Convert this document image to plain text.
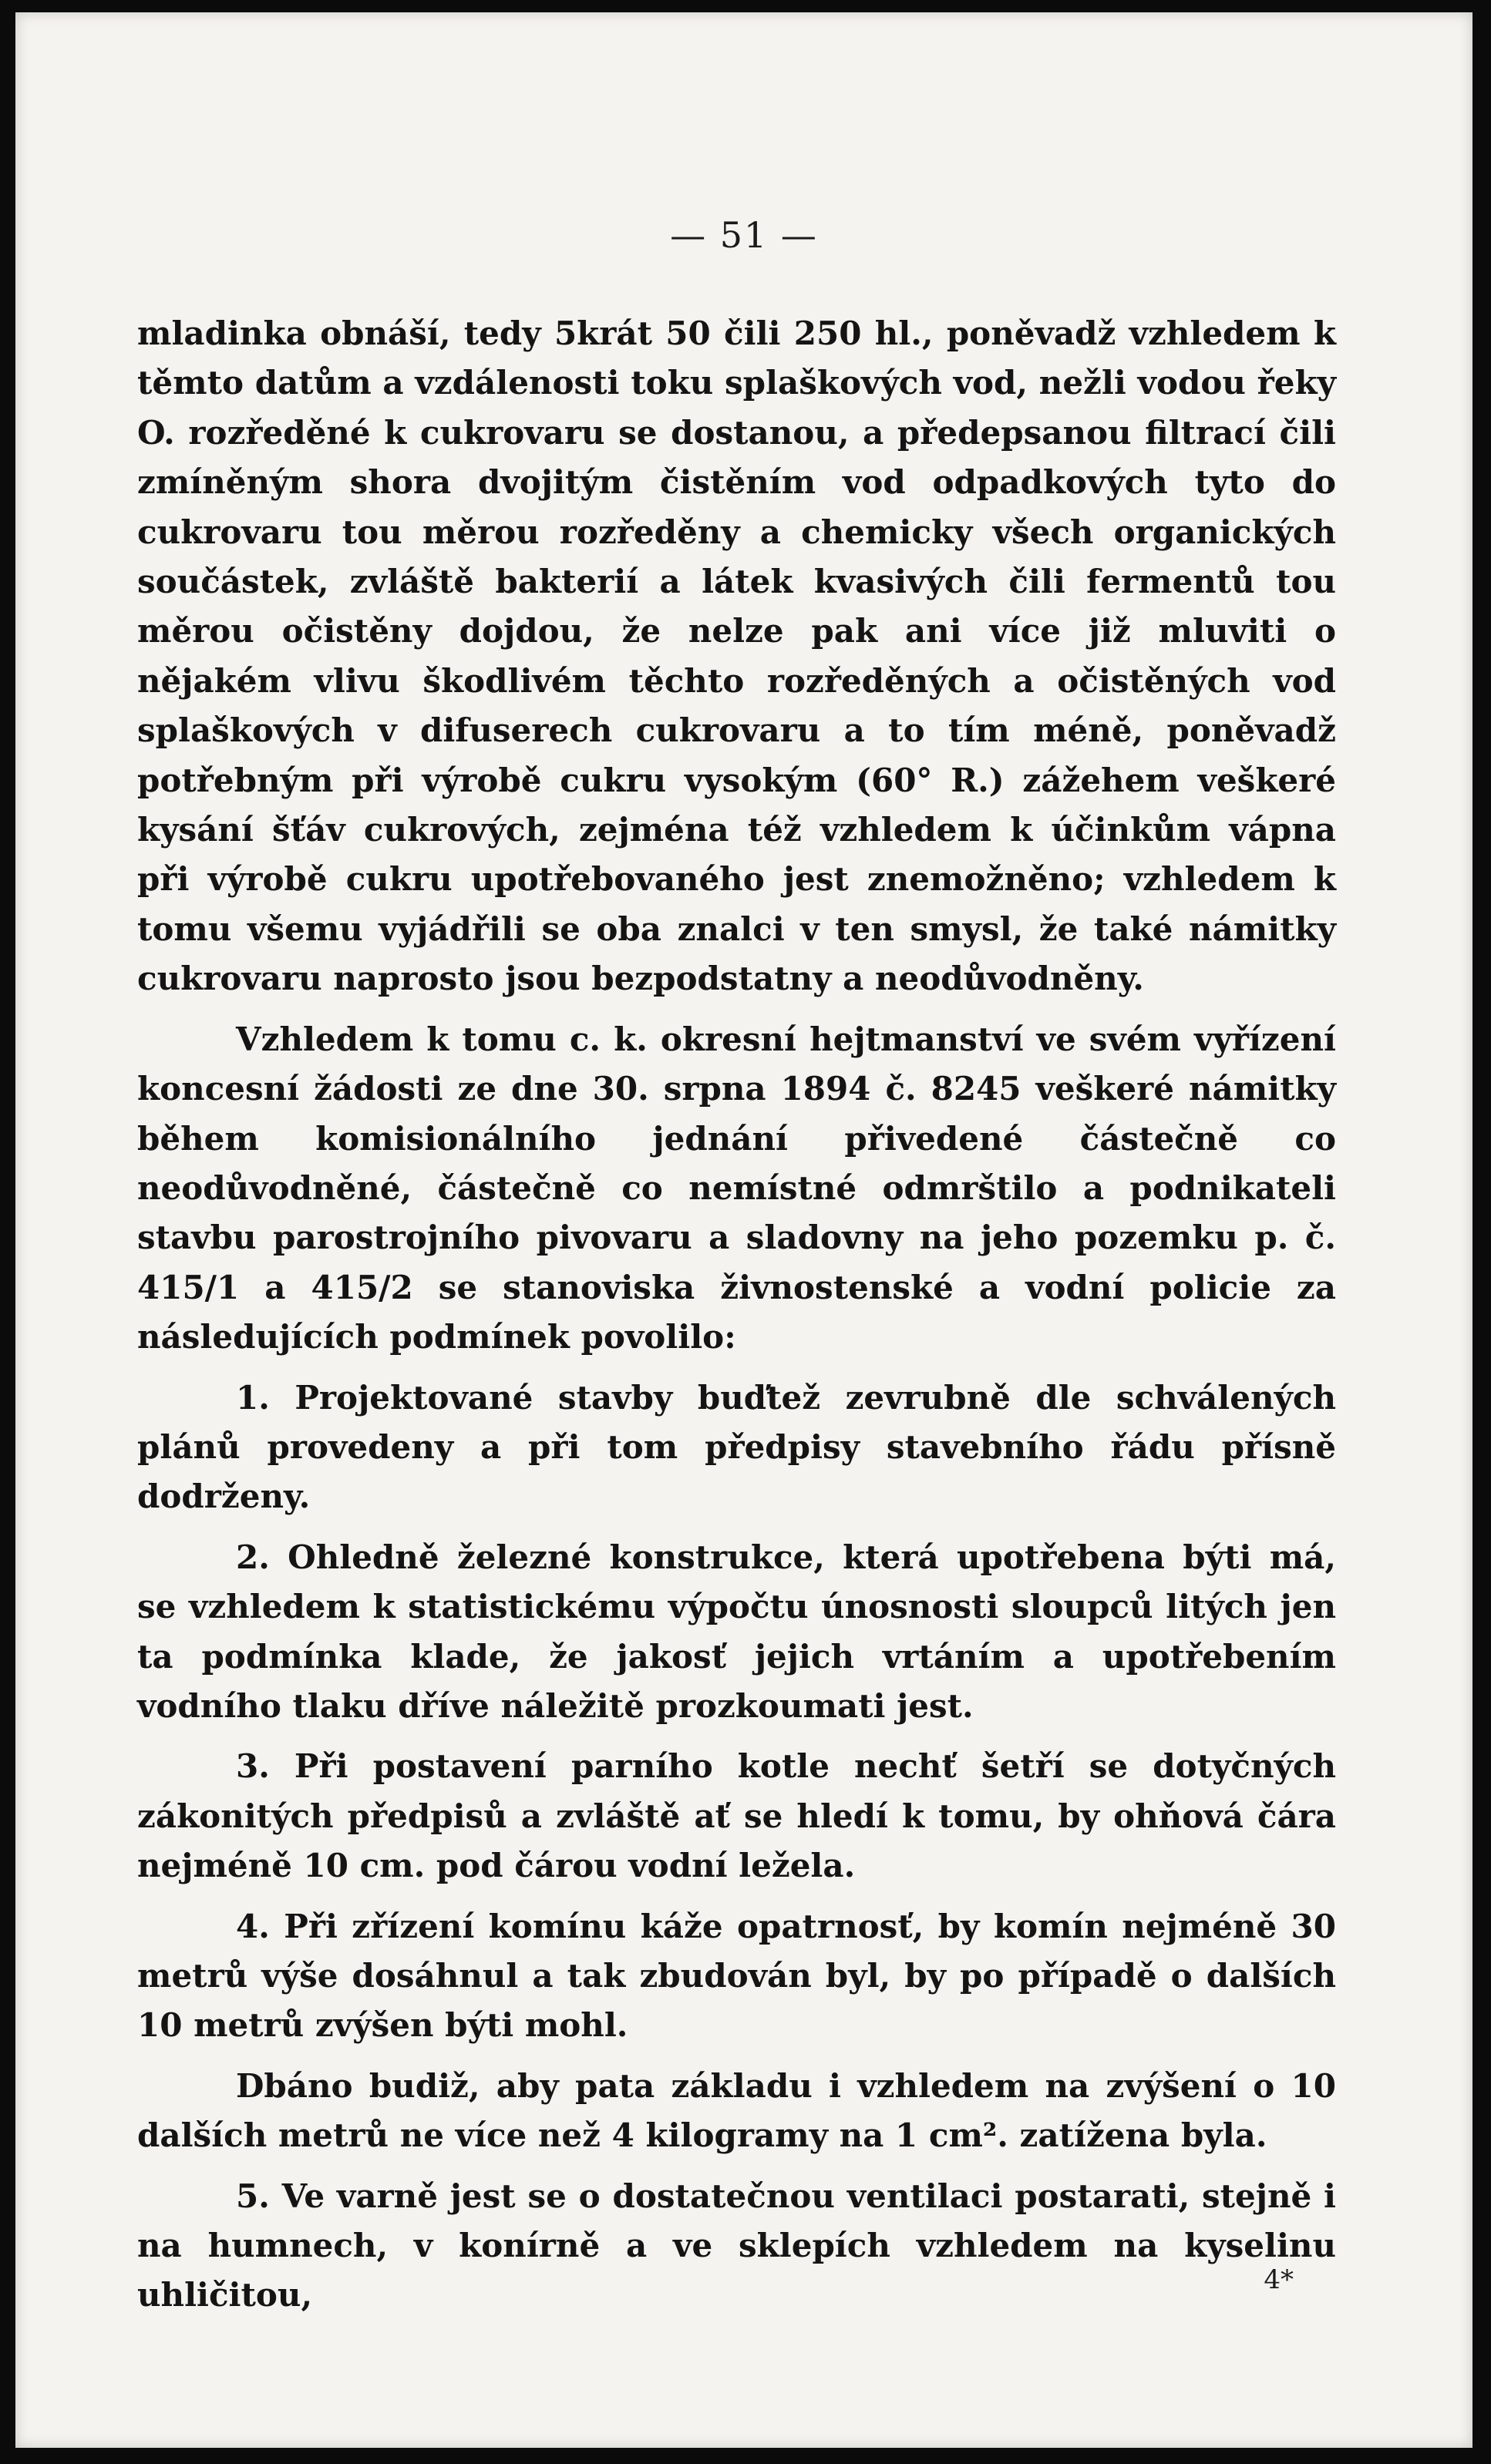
— 51 —

mladinka obnáší, tedy 5krát 50 čili 250 hl., poněvadž vzhledem k těmto datům a vzdálenosti toku splaškových vod, nežli vodou řeky O. rozředěné k cukrovaru se dostanou, a předepsanou filtrací čili zmíněným shora dvojitým čistěním vod odpadkových tyto do cukrovaru tou měrou rozředěny a chemicky všech organických součástek, zvláště bakterií a látek kvasivých čili fermentů tou měrou očistěny dojdou, že nelze pak ani více již mluviti o nějakém vlivu škodlivém těchto rozředěných a očistěných vod splaškových v difuserech cukrovaru a to tím méně, poněvadž potřebným při výrobě cukru vysokým (60° R.) zážehem veškeré kysání šťáv cukrových, zejména též vzhledem k účinkům vápna při výrobě cukru upotřebovaného jest znemožněno; vzhledem k tomu všemu vyjádřili se oba znalci v ten smysl, že také námitky cukrovaru naprosto jsou bezpodstatny a neodůvodněny.

Vzhledem k tomu c. k. okresní hejtmanství ve svém vyřízení koncesní žádosti ze dne 30. srpna 1894 č. 8245 veškeré námitky během komisionálního jednání přivedené částečně co neodůvodněné, částečně co nemístné odmrštilo a podnikateli stavbu parostrojního pivovaru a sladovny na jeho pozemku p. č. 415/1 a 415/2 se stanoviska živnostenské a vodní policie za následujících podmínek povolilo:

1. Projektované stavby buďtež zevrubně dle schválených plánů provedeny a při tom předpisy stavebního řádu přísně dodrženy.

2. Ohledně železné konstrukce, která upotřebena býti má, se vzhledem k statistickému výpočtu únosnosti sloupců litých jen ta podmínka klade, že jakosť jejich vrtáním a upotřebením vodního tlaku dříve náležitě prozkoumati jest.

3. Při postavení parního kotle nechť šetří se dotyčných zákonitých předpisů a zvláště ať se hledí k tomu, by ohňová čára nejméně 10 cm. pod čárou vodní ležela.

4. Při zřízení komínu káže opatrnosť, by komín nejméně 30 metrů výše dosáhnul a tak zbudován byl, by po případě o dalších 10 metrů zvýšen býti mohl.

Dbáno budiž, aby pata základu i vzhledem na zvýšení o 10 dalších metrů ne více než 4 kilogramy na 1 cm². zatížena byla.

5. Ve varně jest se o dostatečnou ventilaci postarati, stejně i na humnech, v konírně a ve sklepích vzhledem na kyselinu uhličitou,	4*
